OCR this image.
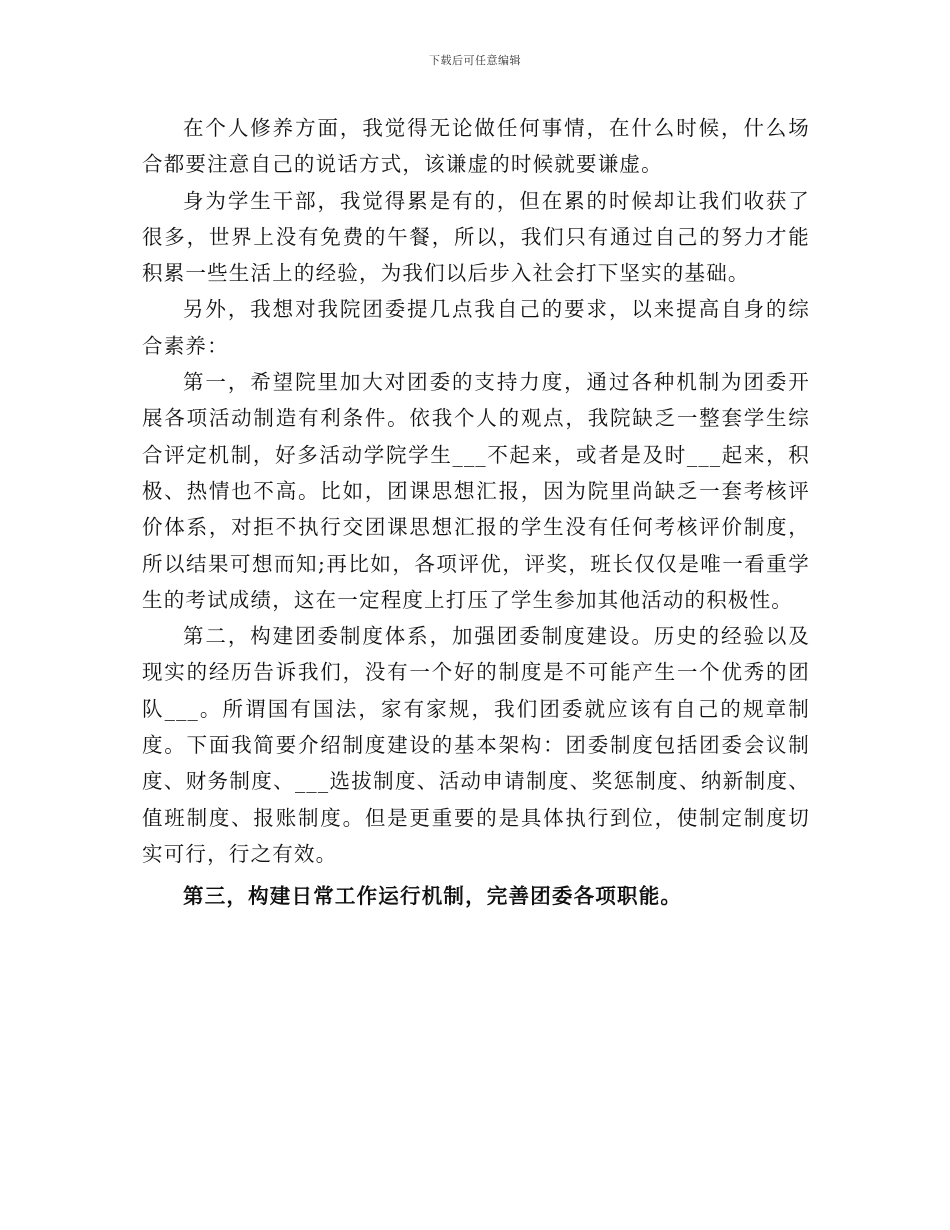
下载后可任意编辑

在个人修养方面，我觉得无论做任何事情，在什么时候，什么场合都要注意自己的说话方式，该谦虚的时候就要谦虚。

身为学生干部，我觉得累是有的，但在累的时候却让我们收获了很多，世界上没有免费的午餐，所以，我们只有通过自己的努力才能积累一些生活上的经验，为我们以后步入社会打下坚实的基础。

另外，我想对我院团委提几点我自己的要求，以来提高自身的综合素养：

第一，希望院里加大对团委的支持力度，通过各种机制为团委开展各项活动制造有利条件。依我个人的观点，我院缺乏一整套学生综合评定机制，好多活动学院学生___不起来，或者是及时___起来，积极、热情也不高。比如，团课思想汇报，因为院里尚缺乏一套考核评价体系，对拒不执行交团课思想汇报的学生没有任何考核评价制度，所以结果可想而知;再比如，各项评优，评奖，班长仅仅是唯一看重学生的考试成绩，这在一定程度上打压了学生参加其他活动的积极性。

第二，构建团委制度体系，加强团委制度建设。历史的经验以及现实的经历告诉我们，没有一个好的制度是不可能产生一个优秀的团队___。所谓国有国法，家有家规，我们团委就应该有自己的规章制度。下面我简要介绍制度建设的基本架构：团委制度包括团委会议制度、财务制度、___选拔制度、活动申请制度、奖惩制度、纳新制度、值班制度、报账制度。但是更重要的是具体执行到位，使制定制度切实可行，行之有效。

第三，构建日常工作运行机制，完善团委各项职能。
